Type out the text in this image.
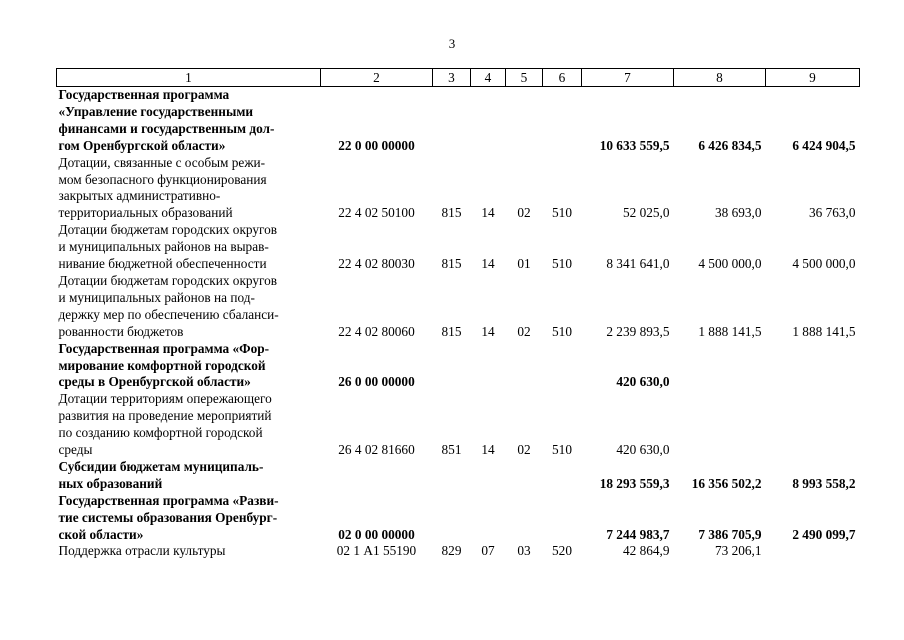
3
1	2	3	4	5	6	7	8	9

Государственная программа
«Управление государственными
финансами и государственным дол-
гом Оренбургской области»	22 0 00 00000					10 633 559,5	6 426 834,5	6 424 904,5

Дотации, связанные с особым режи-
мом безопасного функционирования
закрытых административно-
территориальных образований	22 4 02 50100	815	14	02	510	52 025,0	38 693,0	36 763,0

Дотации бюджетам городских округов
и муниципальных районов на вырав-
нивание бюджетной обеспеченности	22 4 02 80030	815	14	01	510	8 341 641,0	4 500 000,0	4 500 000,0

Дотации бюджетам городских округов
и муниципальных районов на под-
держку мер по обеспечению сбаланси-
рованности бюджетов	22 4 02 80060	815	14	02	510	2 239 893,5	1 888 141,5	1 888 141,5

Государственная программа «Фор-
мирование комфортной городской
среды в Оренбургской области»	26 0 00 00000					420 630,0		

Дотации территориям опережающего
развития на проведение мероприятий
по созданию комфортной городской
среды	26 4 02 81660	851	14	02	510	420 630,0		

Субсидии бюджетам муниципаль-
ных образований						18 293 559,3	16 356 502,2	8 993 558,2

Государственная программа «Разви-
тие системы образования Оренбург-
ской области»	02 0 00 00000					7 244 983,7	7 386 705,9	2 490 099,7

Поддержка отрасли культуры	02 1 А1 55190	829	07	03	520	42 864,9	73 206,1	
